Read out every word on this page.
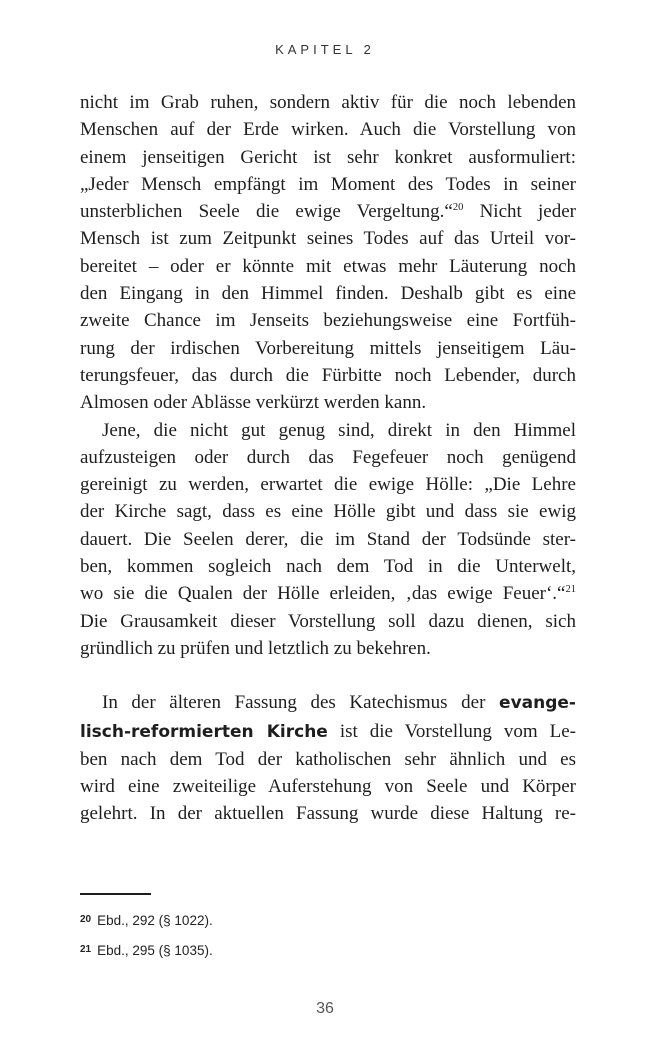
KAPITEL 2
nicht im Grab ruhen, sondern aktiv für die noch lebenden
Menschen auf der Erde wirken. Auch die Vorstellung von
einem jenseitigen Gericht ist sehr konkret ausformuliert:
„Jeder Mensch empfängt im Moment des Todes in seiner
unsterblichen Seele die ewige Vergeltung.“$^{20}$ Nicht jeder
Mensch ist zum Zeitpunkt seines Todes auf das Urteil vor-
bereitet – oder er könnte mit etwas mehr Läuterung noch
den Eingang in den Himmel finden. Deshalb gibt es eine
zweite Chance im Jenseits beziehungsweise eine Fortfüh-
rung der irdischen Vorbereitung mittels jenseitigem Läu-
terungsfeuer, das durch die Fürbitte noch Lebender, durch
Almosen oder Ablässe verkürzt werden kann.
Jene, die nicht gut genug sind, direkt in den Himmel
aufzusteigen oder durch das Fegefeuer noch genügend
gereinigt zu werden, erwartet die ewige Hölle: „Die Lehre
der Kirche sagt, dass es eine Hölle gibt und dass sie ewig
dauert. Die Seelen derer, die im Stand der Todsünde ster-
ben, kommen sogleich nach dem Tod in die Unterwelt,
wo sie die Qualen der Hölle erleiden, ‚das ewige Feuer‘.“$^{21}$
Die Grausamkeit dieser Vorstellung soll dazu dienen, sich
gründlich zu prüfen und letztlich zu bekehren.
In der älteren Fassung des Katechismus der evange-
lisch-reformierten Kirche ist die Vorstellung vom Le-
ben nach dem Tod der katholischen sehr ähnlich und es
wird eine zweiteilige Auferstehung von Seele und Körper
gelehrt. In der aktuellen Fassung wurde diese Haltung re-
$^{20}$ Ebd., 292 (§ 1022).
$^{21}$ Ebd., 295 (§ 1035).
36
